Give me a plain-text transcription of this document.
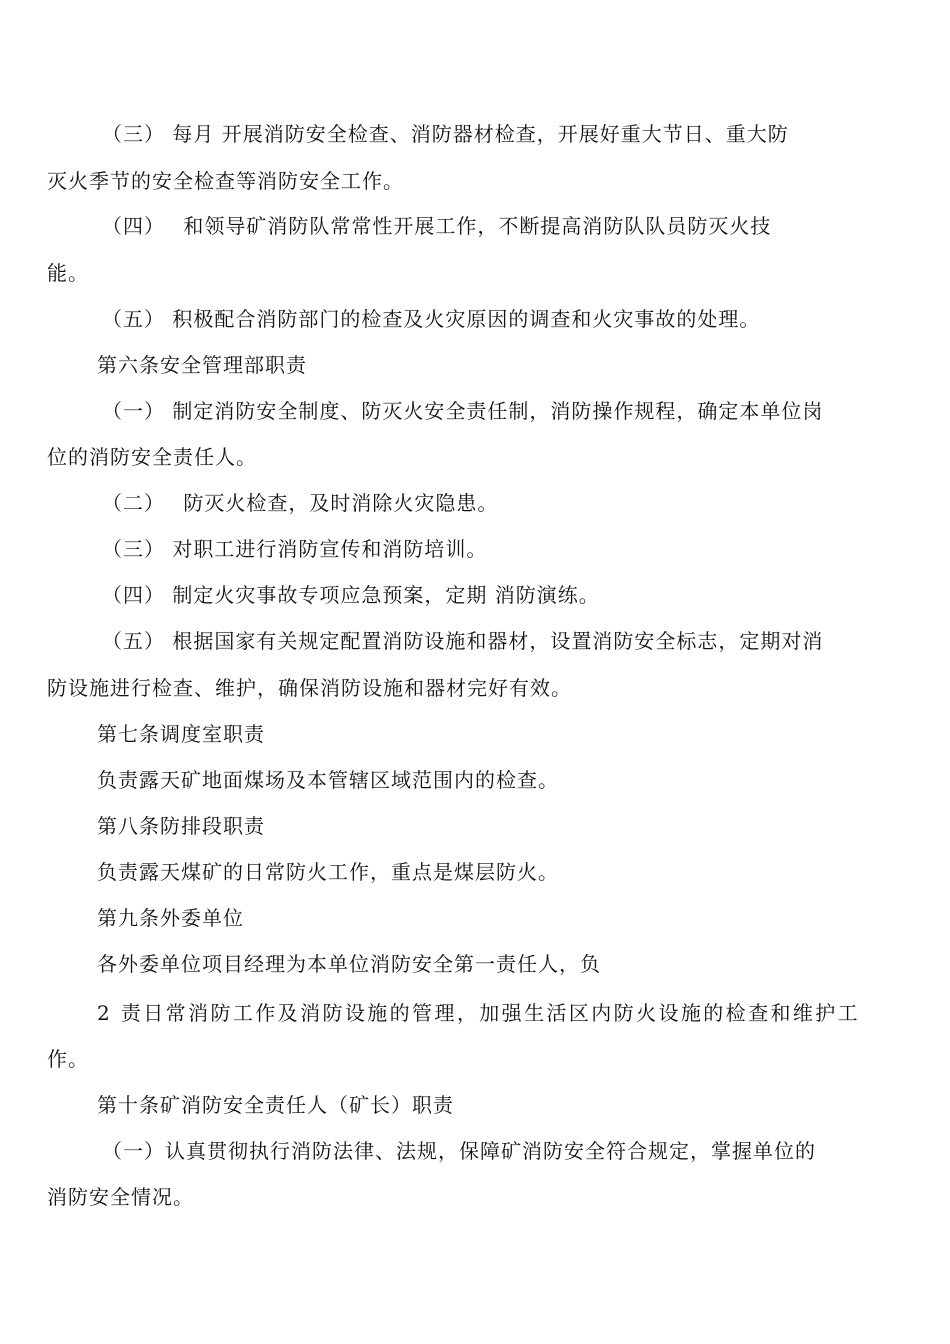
（三） 每月 开展消防安全检查、消防器材检查，开展好重大节日、重大防
灭火季节的安全检查等消防安全工作。
（四）　 和领导矿消防队常常性开展工作，不断提高消防队队员防灭火技
能。
（五） 积极配合消防部门的检查及火灾原因的调查和火灾事故的处理。
第六条安全管理部职责
（一） 制定消防安全制度、防灭火安全责任制，消防操作规程，确定本单位岗
位的消防安全责任人。
（二）　 防灭火检查，及时消除火灾隐患。
（三） 对职工进行消防宣传和消防培训。
（四） 制定火灾事故专项应急预案，定期 消防演练。
（五） 根据国家有关规定配置消防设施和器材，设置消防安全标志，定期对消
防设施进行检查、维护，确保消防设施和器材完好有效。
第七条调度室职责
负责露天矿地面煤场及本管辖区域范围内的检查。
第八条防排段职责
负责露天煤矿的日常防火工作，重点是煤层防火。
第九条外委单位
各外委单位项目经理为本单位消防安全第一责任人，负
2 责日常消防工作及消防设施的管理，加强生活区内防火设施的检查和维护工
作。
第十条矿消防安全责任人（矿长）职责
（一）认真贯彻执行消防法律、法规，保障矿消防安全符合规定，掌握单位的
消防安全情况。
